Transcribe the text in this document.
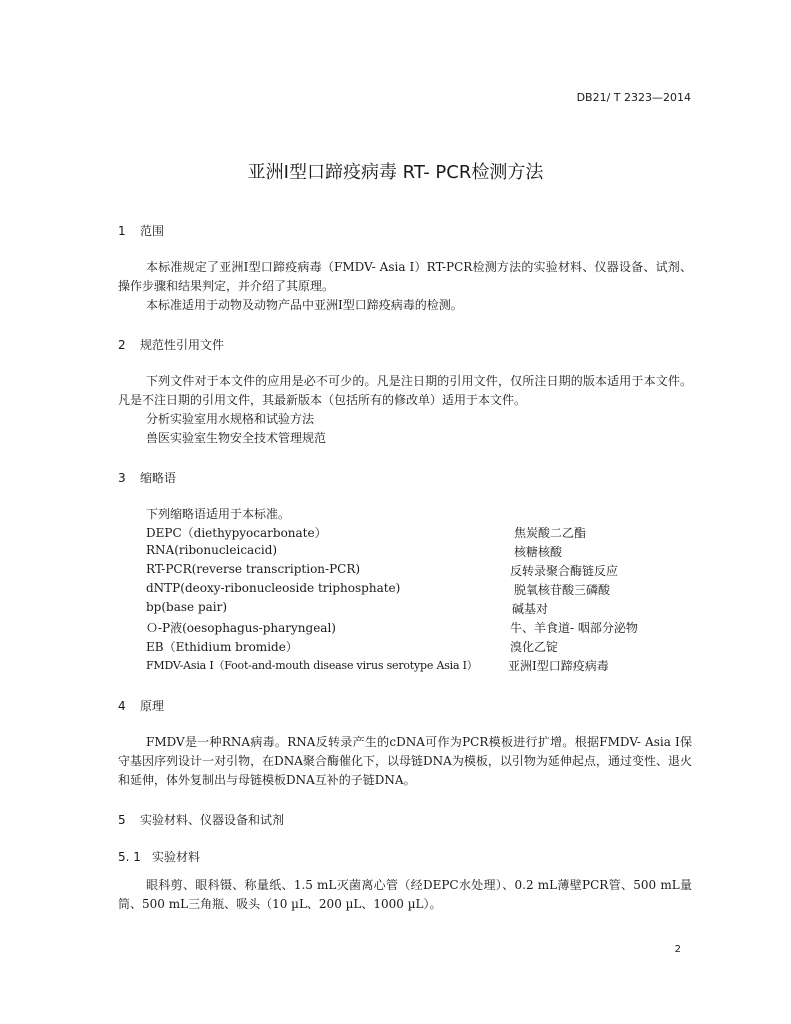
DB21/ T 2323—2014
亚洲Ⅰ型口蹄疫病毒 RT- PCR检测方法
1 范围

本标准规定了亚洲Ⅰ型口蹄疫病毒（FMDV- Asia Ⅰ）RT-PCR检测方法的实验材料、仪器设备、试剂、操作步骤和结果判定，并介绍了其原理。

本标准适用于动物及动物产品中亚洲Ⅰ型口蹄疫病毒的检测。

2 规范性引用文件

下列文件对于本文件的应用是必不可少的。凡是注日期的引用文件，仅所注日期的版本适用于本文件。凡是不注日期的引用文件，其最新版本（包括所有的修改单）适用于本文件。

分析实验室用水规格和试验方法
兽医实验室生物安全技术管理规范
3 缩略语
下列缩略语适用于本标准。
DEPC（diethypyocarbonate）	焦炭酸二乙酯
RNA(ribonucleicacid)	核糖核酸
RT-PCR(reverse transcription-PCR)	反转录聚合酶链反应
dNTP(deoxy-ribonucleoside triphosphate)	脱氧核苷酸三磷酸
bp(base pair)	碱基对
Ｏ-P液(oesophagus-pharyngeal)	牛、羊食道- 咽部分泌物
EB（Ethidium bromide）	溴化乙锭
FMDV-Asia Ⅰ（Foot-and-mouth disease virus serotype Asia Ⅰ）	亚洲Ⅰ型口蹄疫病毒
4 原理

FMDV是一种RNA病毒。RNA反转录产生的cDNA可作为PCR模板进行扩增。根据FMDV- Asia Ⅰ保守基因序列设计一对引物，在DNA聚合酶催化下，以母链DNA为模板，以引物为延伸起点，通过变性、退火和延伸，体外复制出与母链模板DNA互补的子链DNA。

5 实验材料、仪器设备和试剂
5. 1 实验材料

眼科剪、眼科镊、称量纸、1.5 mL灭菌离心管（经DEPC水处理）、0.2 mL薄壁PCR管、500 mL量筒、500 mL三角瓶、吸头（10 µL、200 µL、1000 µL）。

2
